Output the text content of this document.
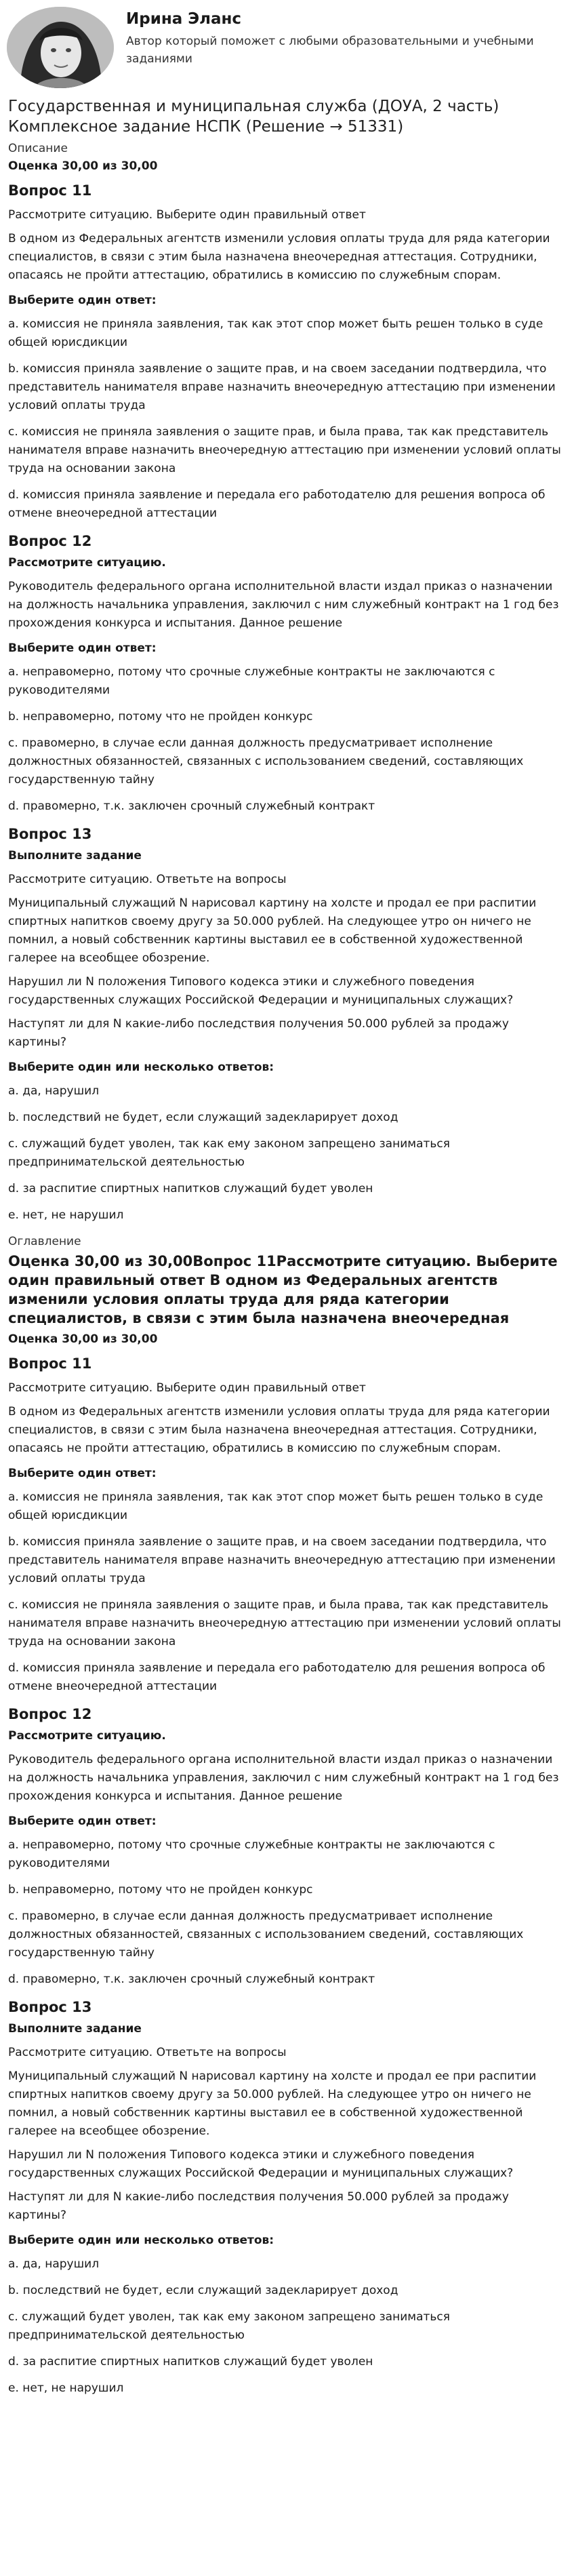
Ирина Эланс
Автор который поможет с любыми образовательными и учебными заданиями
Государственная и муниципальная служба (ДОУА, 2 часть) Комплексное задание НСПК (Решение → 51331)
Описание
Оценка 30,00 из 30,00
Вопрос 11
Рассмотрите ситуацию. Выберите один правильный ответ
В одном из Федеральных агентств изменили условия оплаты труда для ряда категории специалистов, в связи с этим была назначена внеочередная аттестация. Сотрудники, опасаясь не пройти аттестацию, обратились в комиссию по служебным спорам.
Выберите один ответ:
a. комиссия не приняла заявления, так как этот спор может быть решен только в суде общей юрисдикции
b. комиссия приняла заявление о защите прав, и на своем заседании подтвердила, что представитель нанимателя вправе назначить внеочередную аттестацию при изменении условий оплаты труда
c. комиссия не приняла заявления о защите прав, и была права, так как представитель нанимателя вправе назначить внеочередную аттестацию при изменении условий оплаты труда на основании закона
d. комиссия приняла заявление и передала его работодателю для решения вопроса об отмене внеочередной аттестации
Вопрос 12
Рассмотрите ситуацию.
Руководитель федерального органа исполнительной власти издал приказ о назначении на должность начальника управления, заключил с ним служебный контракт на 1 год без прохождения конкурса и испытания. Данное решение
Выберите один ответ:
a. неправомерно, потому что срочные служебные контракты не заключаются с руководителями
b. неправомерно, потому что не пройден конкурс
c. правомерно, в случае если данная должность предусматривает исполнение должностных обязанностей, связанных с использованием сведений, составляющих государственную тайну
d. правомерно, т.к. заключен срочный служебный контракт
Вопрос 13
Выполните задание
Рассмотрите ситуацию. Ответьте на вопросы
Муниципальный служащий N нарисовал картину на холсте и продал ее при распитии спиртных напитков своему другу за 50.000 рублей. На следующее утро он ничего не помнил, а новый собственник картины выставил ее в собственной художественной галерее на всеобщее обозрение.
Нарушил ли N положения Типового кодекса этики и служебного поведения государственных служащих Российской Федерации и муниципальных служащих?
Наступят ли для N какие-либо последствия получения 50.000 рублей за продажу картины?
Выберите один или несколько ответов:
a. да, нарушил
b. последствий не будет, если служащий задекларирует доход
c. служащий будет уволен, так как ему законом запрещено заниматься предпринимательской деятельностью
d. за распитие спиртных напитков служащий будет уволен
e. нет, не нарушил
Оглавление
Оценка 30,00 из 30,00Вопрос 11Рассмотрите ситуацию. Выберите один правильный ответ В одном из Федеральных агентств изменили условия оплаты труда для ряда категории специалистов, в связи с этим была назначена внеочередная
Оценка 30,00 из 30,00
Вопрос 11
Рассмотрите ситуацию. Выберите один правильный ответ
В одном из Федеральных агентств изменили условия оплаты труда для ряда категории специалистов, в связи с этим была назначена внеочередная аттестация. Сотрудники, опасаясь не пройти аттестацию, обратились в комиссию по служебным спорам.
Выберите один ответ:
a. комиссия не приняла заявления, так как этот спор может быть решен только в суде общей юрисдикции
b. комиссия приняла заявление о защите прав, и на своем заседании подтвердила, что представитель нанимателя вправе назначить внеочередную аттестацию при изменении условий оплаты труда
c. комиссия не приняла заявления о защите прав, и была права, так как представитель нанимателя вправе назначить внеочередную аттестацию при изменении условий оплаты труда на основании закона
d. комиссия приняла заявление и передала его работодателю для решения вопроса об отмене внеочередной аттестации
Вопрос 12
Рассмотрите ситуацию.
Руководитель федерального органа исполнительной власти издал приказ о назначении на должность начальника управления, заключил с ним служебный контракт на 1 год без прохождения конкурса и испытания. Данное решение
Выберите один ответ:
a. неправомерно, потому что срочные служебные контракты не заключаются с руководителями
b. неправомерно, потому что не пройден конкурс
c. правомерно, в случае если данная должность предусматривает исполнение должностных обязанностей, связанных с использованием сведений, составляющих государственную тайну
d. правомерно, т.к. заключен срочный служебный контракт
Вопрос 13
Выполните задание
Рассмотрите ситуацию. Ответьте на вопросы
Муниципальный служащий N нарисовал картину на холсте и продал ее при распитии спиртных напитков своему другу за 50.000 рублей. На следующее утро он ничего не помнил, а новый собственник картины выставил ее в собственной художественной галерее на всеобщее обозрение.
Нарушил ли N положения Типового кодекса этики и служебного поведения государственных служащих Российской Федерации и муниципальных служащих?
Наступят ли для N какие-либо последствия получения 50.000 рублей за продажу картины?
Выберите один или несколько ответов:
a. да, нарушил
b. последствий не будет, если служащий задекларирует доход
c. служащий будет уволен, так как ему законом запрещено заниматься предпринимательской деятельностью
d. за распитие спиртных напитков служащий будет уволен
e. нет, не нарушил
